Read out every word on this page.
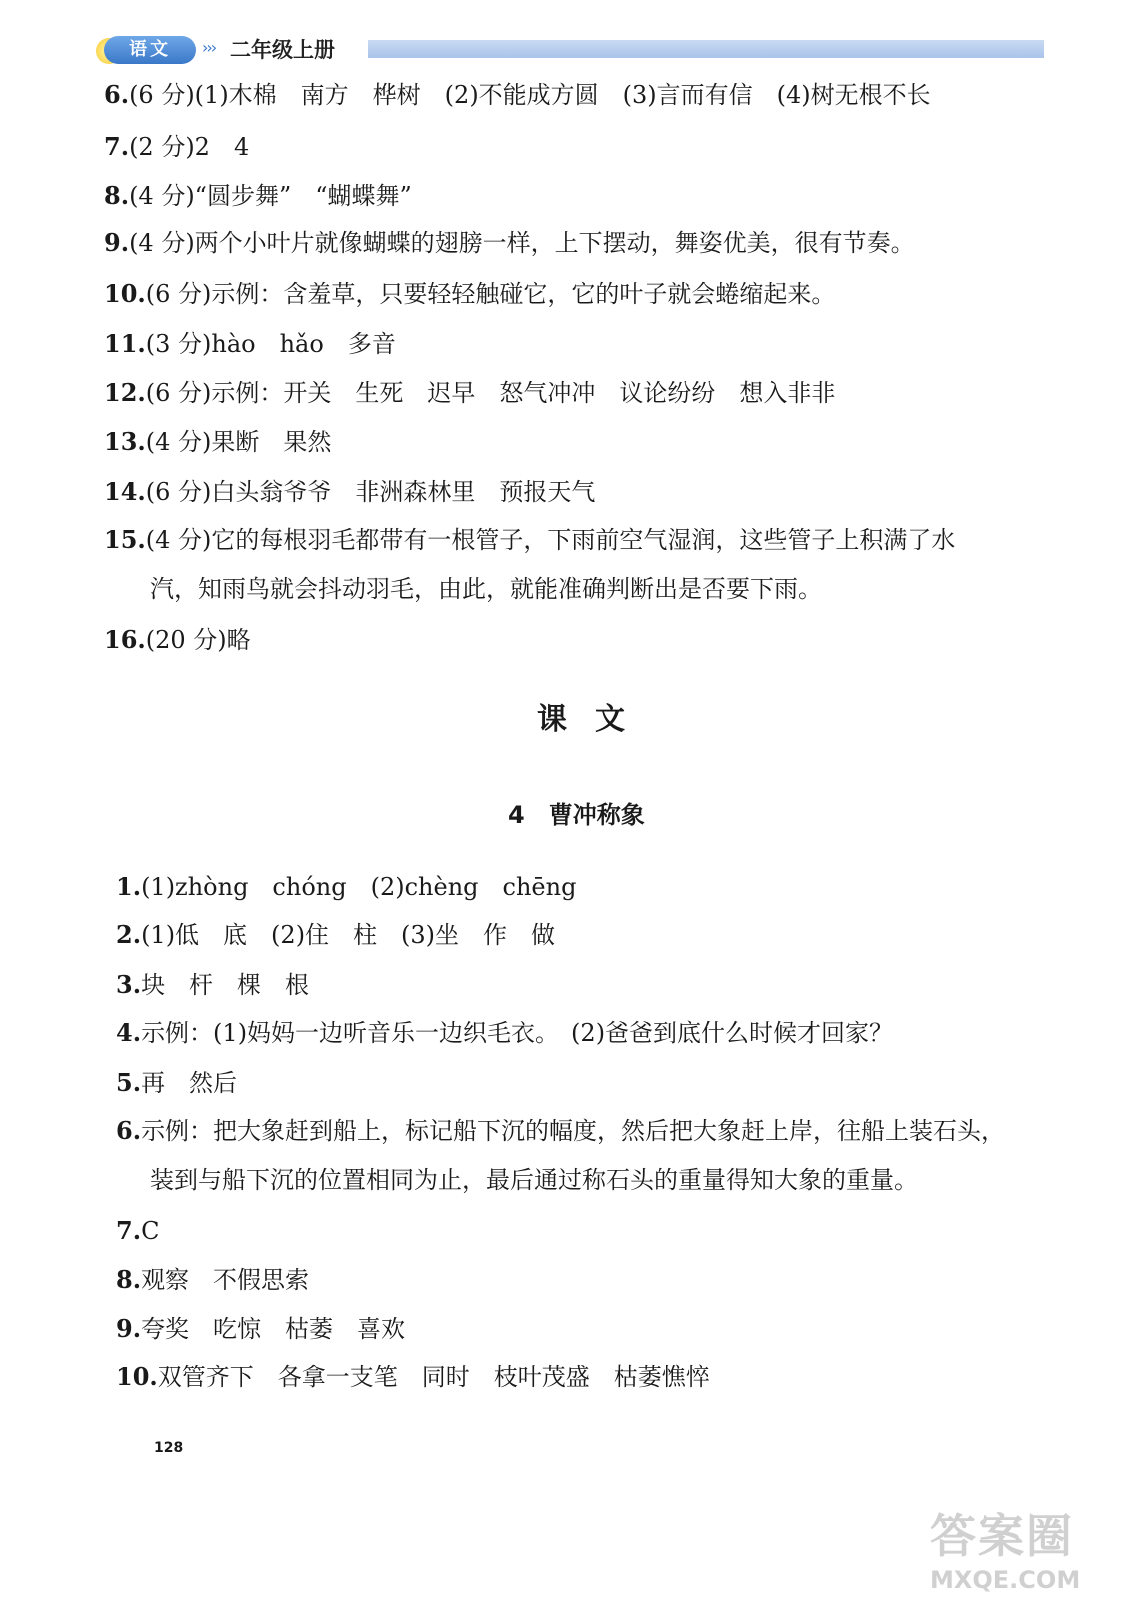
语文	››› 二年级上册
6.(6 分)(1)木棉　南方　桦树　(2)不能成方圆　(3)言而有信　(4)树无根不长
7.(2 分)2　4
8.(4 分)“圆步舞”　“蝴蝶舞”
9.(4 分)两个小叶片就像蝴蝶的翅膀一样，上下摆动，舞姿优美，很有节奏。
10.(6 分)示例：含羞草，只要轻轻触碰它，它的叶子就会蜷缩起来。
11.(3 分)hào　hǎo　多音
12.(6 分)示例：开关　生死　迟早　怒气冲冲　议论纷纷　想入非非
13.(4 分)果断　果然
14.(6 分)白头翁爷爷　非洲森林里　预报天气
15.(4 分)它的每根羽毛都带有一根管子，下雨前空气湿润，这些管子上积满了水
汽，知雨鸟就会抖动羽毛，由此，就能准确判断出是否要下雨。
16.(20 分)略
课文
4　曹冲称象
1.(1)zhòng　chóng　(2)chèng　chēng
2.(1)低　底　(2)住　柱　(3)坐　作　做
3.块　杆　棵　根
4.示例：(1)妈妈一边听音乐一边织毛衣。　(2)爸爸到底什么时候才回家？
5.再　然后
6.示例：把大象赶到船上，标记船下沉的幅度，然后把大象赶上岸，往船上装石头，
装到与船下沉的位置相同为止，最后通过称石头的重量得知大象的重量。
7.C
8.观察　不假思索
9.夸奖　吃惊　枯萎　喜欢
10.双管齐下　各拿一支笔　同时　枝叶茂盛　枯萎憔悴
128
答案圈
MXQE.COM
